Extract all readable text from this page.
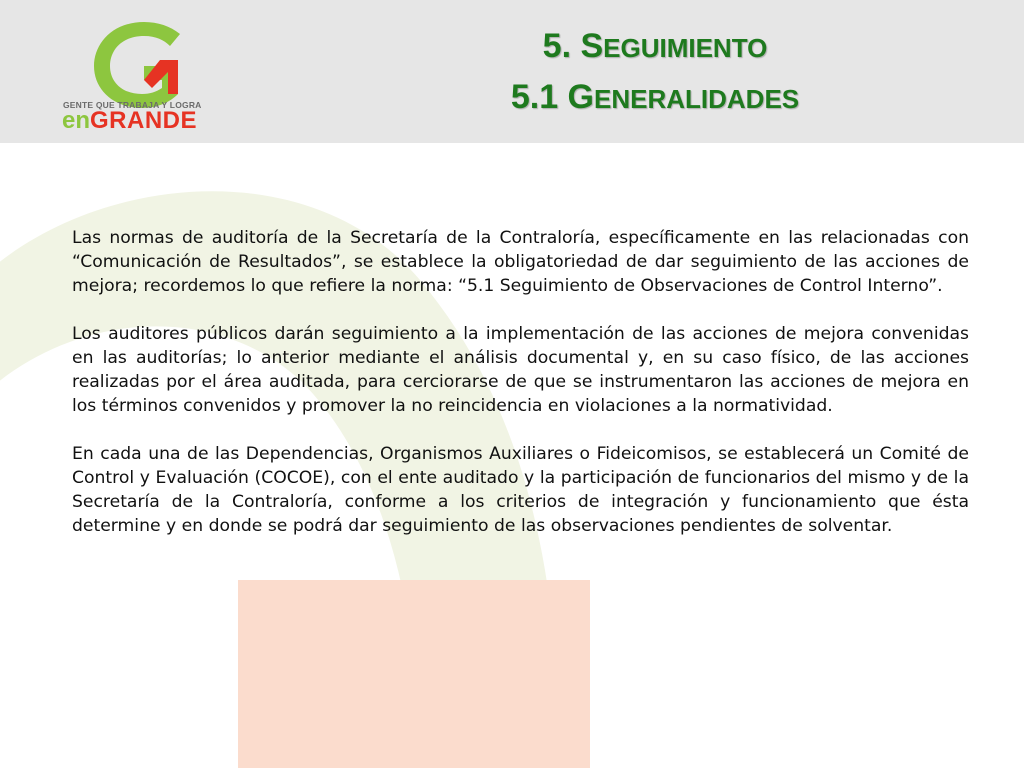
GENTE QUE TRABAJA Y LOGRA
enGRANDE
5. SEGUIMIENTO
5.1 GENERALIDADES

Las normas de auditoría de la Secretaría de la Contraloría, específicamente en las relacionadas con “Comunicación de Resultados”, se establece la obligatoriedad de dar seguimiento de las acciones de mejora; recordemos lo que refiere la norma: “5.1 Seguimiento de Observaciones de Control Interno”.

Los auditores públicos darán seguimiento a la implementación de las acciones de mejora convenidas en las auditorías; lo anterior mediante el análisis documental y, en su caso físico, de las acciones realizadas por el área auditada, para cerciorarse de que se instrumentaron las acciones de mejora en los términos convenidos y promover la no reincidencia en violaciones a la normatividad.

En cada una de las Dependencias, Organismos Auxiliares o Fideicomisos, se establecerá un Comité de Control y Evaluación (COCOE), con el ente auditado y la participación de funcionarios del mismo y de la Secretaría de la Contraloría, conforme a los criterios de integración y funcionamiento que ésta determine y en donde se podrá dar seguimiento de las observaciones pendientes de solventar.
